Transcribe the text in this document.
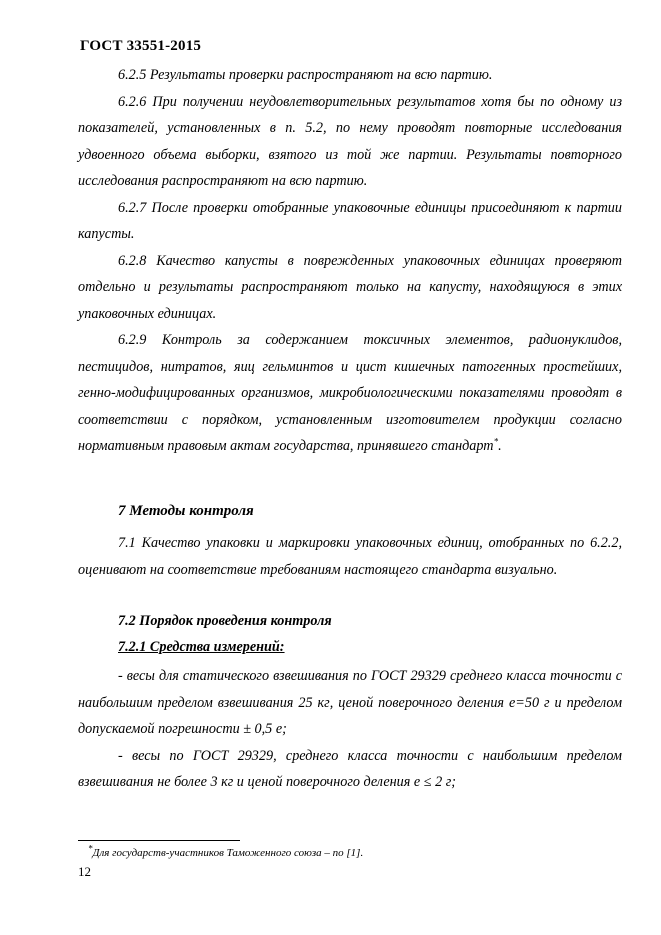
ГОСТ 33551-2015

6.2.5 Результаты проверки распространяют на всю партию.

6.2.6 При получении неудовлетворительных результатов хотя бы по одному из показателей, установленных в п. 5.2, по нему проводят повторные исследования удвоенного объема выборки, взятого из той же партии. Результаты повторного исследования распространяют на всю партию.

6.2.7 После проверки отобранные упаковочные единицы присоединяют к партии капусты.

6.2.8 Качество капусты в поврежденных упаковочных единицах проверяют отдельно и результаты распространяют только на капусту, находящуюся в этих упаковочных единицах.

6.2.9 Контроль за содержанием токсичных элементов, радионуклидов, пестицидов, нитратов, яиц гельминтов и цист кишечных патогенных простейших, генно-модифицированных организмов, микробиологическими показателями проводят в соответствии с порядком, установленным изготовителем продукции согласно нормативным правовым актам государства, принявшего стандарт*.

7 Методы контроля

7.1 Качество упаковки и маркировки упаковочных единиц, отобранных по 6.2.2, оценивают на соответствие требованиям настоящего стандарта визуально.

7.2 Порядок проведения контроля
7.2.1 Средства измерений:

- весы для статического взвешивания по ГОСТ 29329 среднего класса точности с наибольшим пределом взвешивания 25 кг, ценой поверочного деления e=50 г и пределом допускаемой погрешности ± 0,5 е;

- весы по ГОСТ 29329, среднего класса точности с наибольшим пределом взвешивания не более 3 кг и ценой поверочного деления е ≤ 2 г;

*Для государств-участников Таможенного союза – по [1].
12
